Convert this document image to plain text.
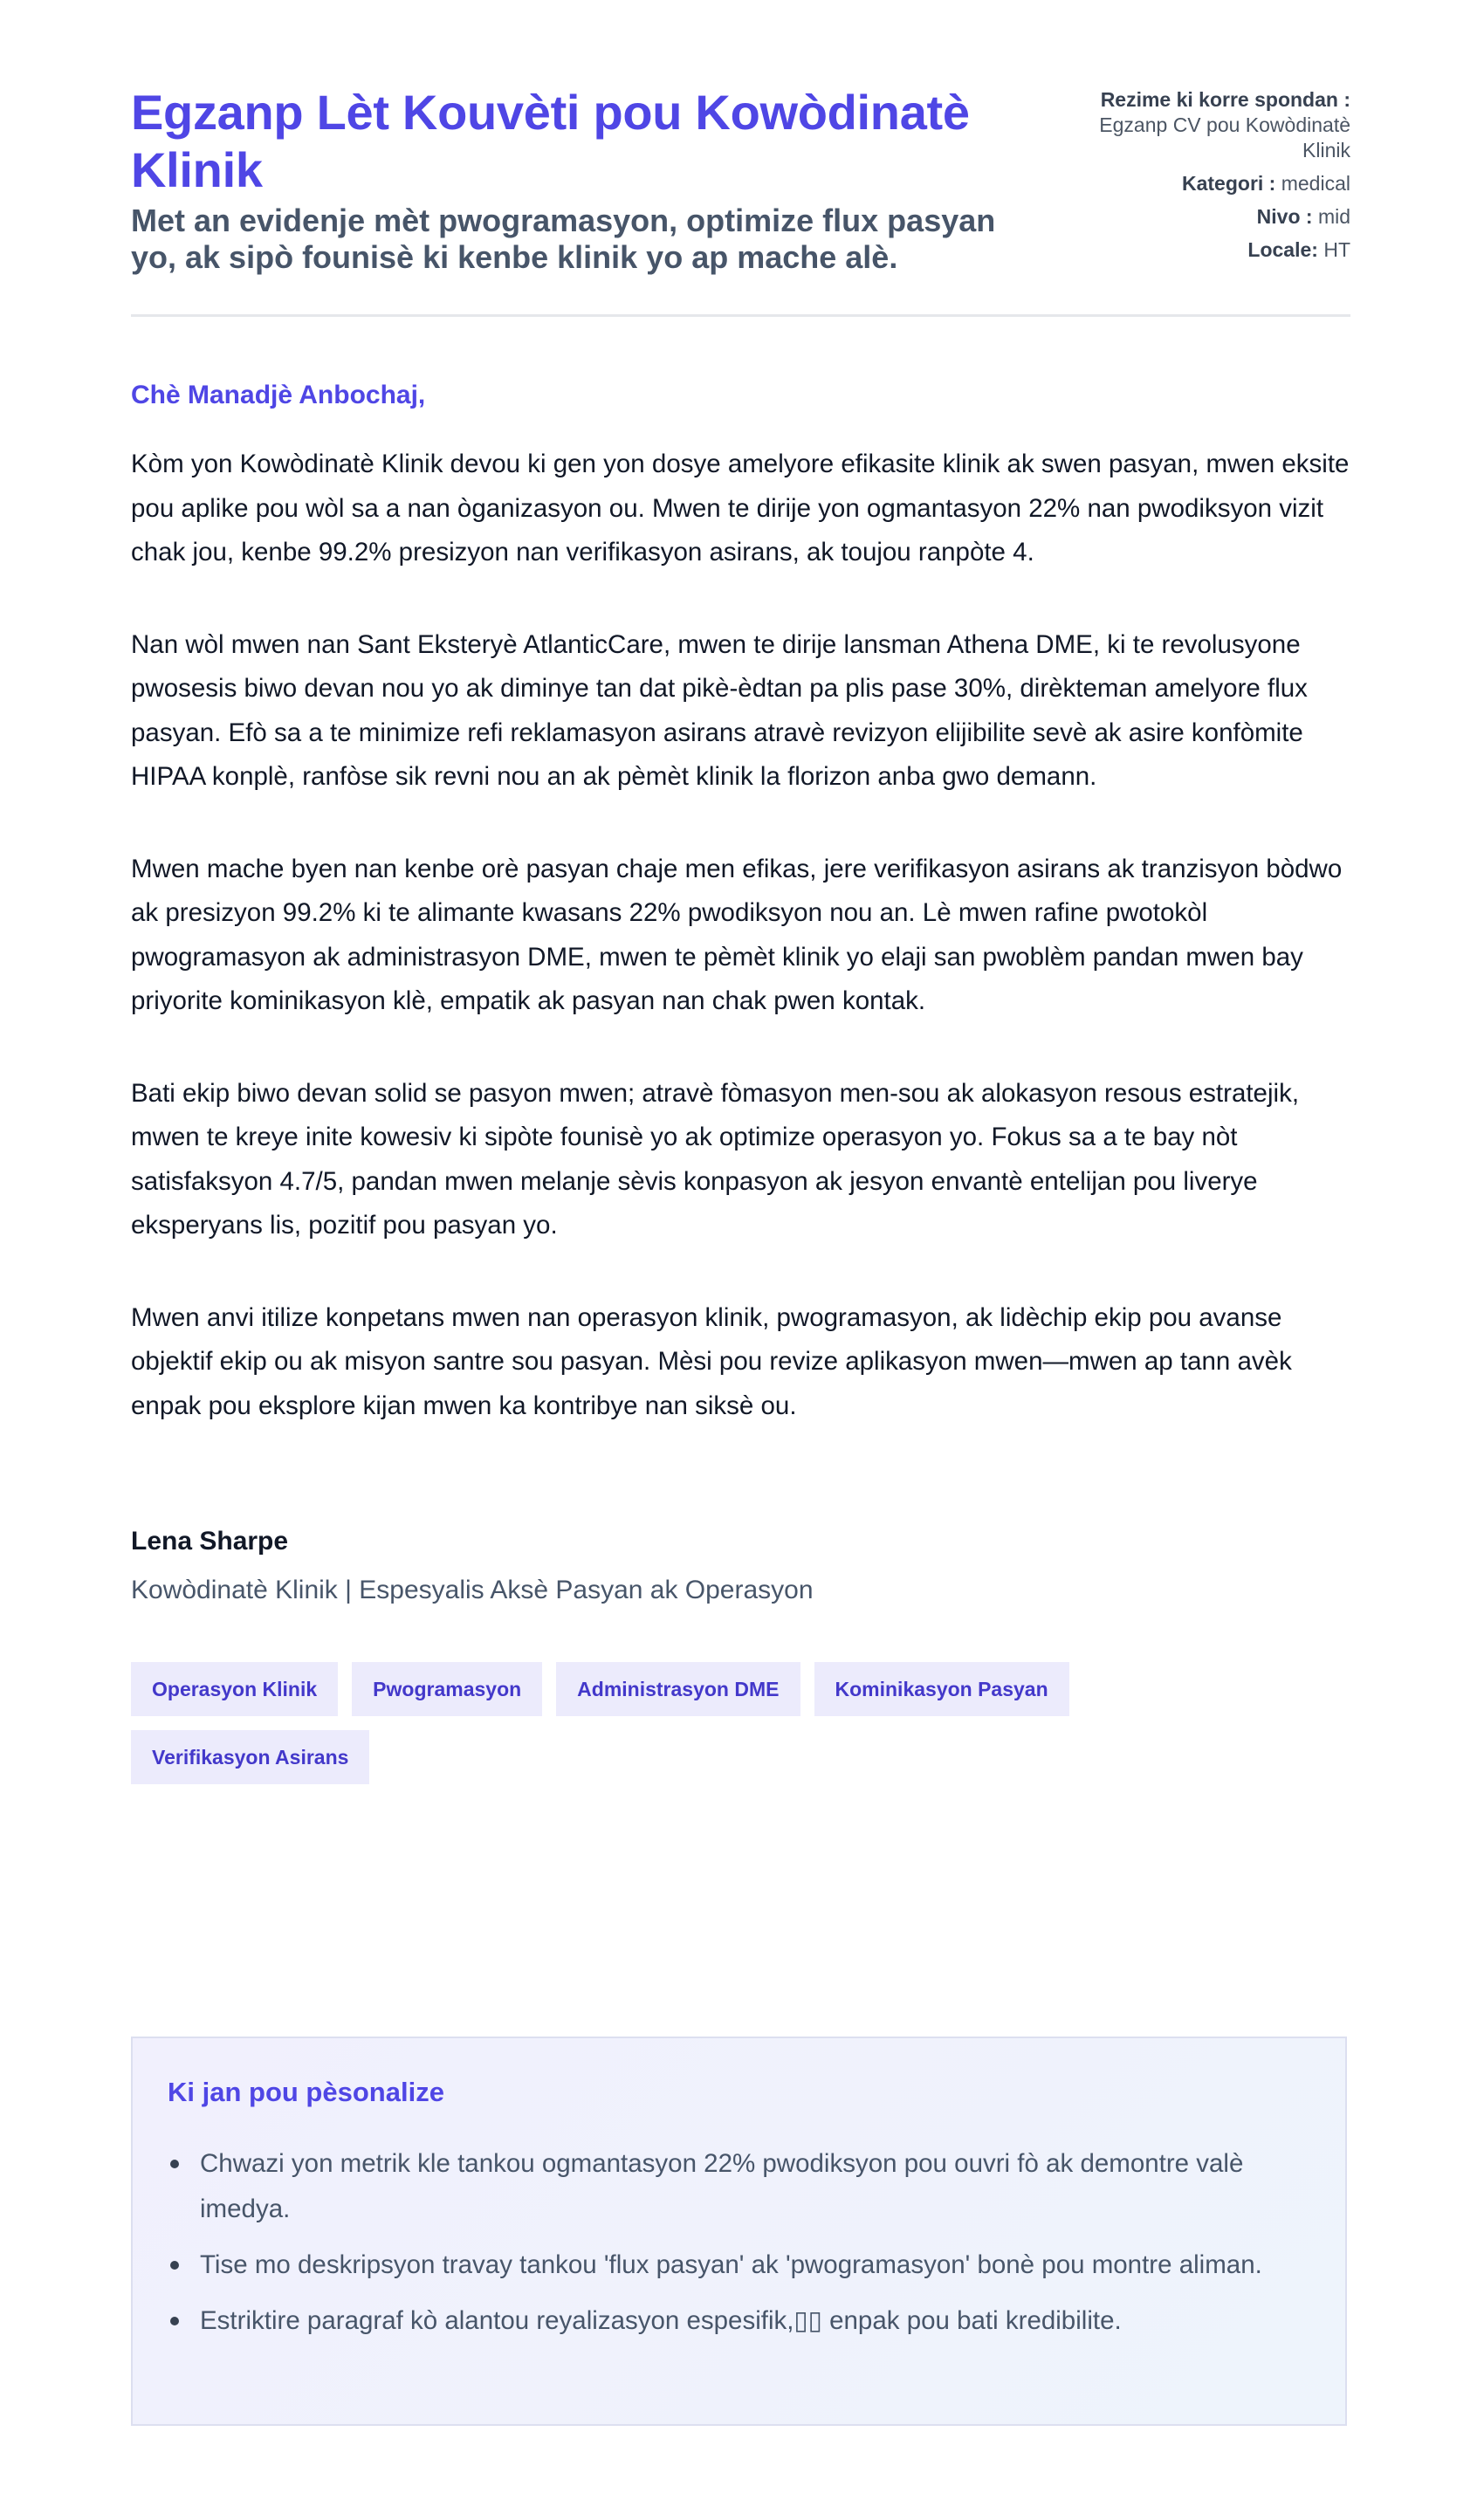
Egzanp Lèt Kouvèti pou Kowòdinatè Klinik

Met an evidenje mèt pwogramasyon, optimize flux pasyan yo, ak sipò founisè ki kenbe klinik yo ap mache alè.

Rezime ki korre spondan :
Egzanp CV pou Kowòdinatè Klinik
Kategori : medical
Nivo : mid
Locale: HT
Chè Manadjè Anbochaj,

Kòm yon Kowòdinatè Klinik devou ki gen yon dosye amelyore efikasite klinik ak swen pasyan, mwen eksite pou aplike pou wòl sa a nan òganizasyon ou. Mwen te dirije yon ogmantasyon 22% nan pwodiksyon vizit chak jou, kenbe 99.2% presizyon nan verifikasyon asirans, ak toujou ranpòte 4.

Nan wòl mwen nan Sant Eksteryè AtlanticCare, mwen te dirije lansman Athena DME, ki te revolusyone pwosesis biwo devan nou yo ak diminye tan dat pikè-èdtan pa plis pase 30%, dirèkteman amelyore flux pasyan. Efò sa a te minimize refi reklamasyon asirans atravè revizyon elijibilite sevè ak asire konfòmite HIPAA konplè, ranfòse sik revni nou an ak pèmèt klinik la florizon anba gwo demann.

Mwen mache byen nan kenbe orè pasyan chaje men efikas, jere verifikasyon asirans ak tranzisyon bòdwo ak presizyon 99.2% ki te alimante kwasans 22% pwodiksyon nou an. Lè mwen rafine pwotokòl pwogramasyon ak administrasyon DME, mwen te pèmèt klinik yo elaji san pwoblèm pandan mwen bay priyorite kominikasyon klè, empatik ak pasyan nan chak pwen kontak.

Bati ekip biwo devan solid se pasyon mwen; atravè fòmasyon men-sou ak alokasyon resous estratejik, mwen te kreye inite kowesiv ki sipòte founisè yo ak optimize operasyon yo. Fokus sa a te bay nòt satisfaksyon 4.7/5, pandan mwen melanje sèvis konpasyon ak jesyon envantè entelijan pou liverye eksperyans lis, pozitif pou pasyan yo.

Mwen anvi itilize konpetans mwen nan operasyon klinik, pwogramasyon, ak lidèchip ekip pou avanse objektif ekip ou ak misyon santre sou pasyan. Mèsi pou revize aplikasyon mwen—mwen ap tann avèk enpak pou eksplore kijan mwen ka kontribye nan siksè ou.

Lena Sharpe
Kowòdinatè Klinik | Espesyalis Aksè Pasyan ak Operasyon
Operasyon Klinik	Pwogramasyon	Administrasyon DME	Kominikasyon Pasyan
Verifikasyon Asirans
Ki jan pou pèsonalize
Chwazi yon metrik kle tankou ogmantasyon 22% pwodiksyon pou ouvri fò ak demontre valè imedya.
Tise mo deskripsyon travay tankou 'flux pasyan' ak 'pwogramasyon' bonè pou montre aliman.
Estriktire paragraf kò alantou reyalizasyon espesifik,▯▯ enpak pou bati kredibilite.
